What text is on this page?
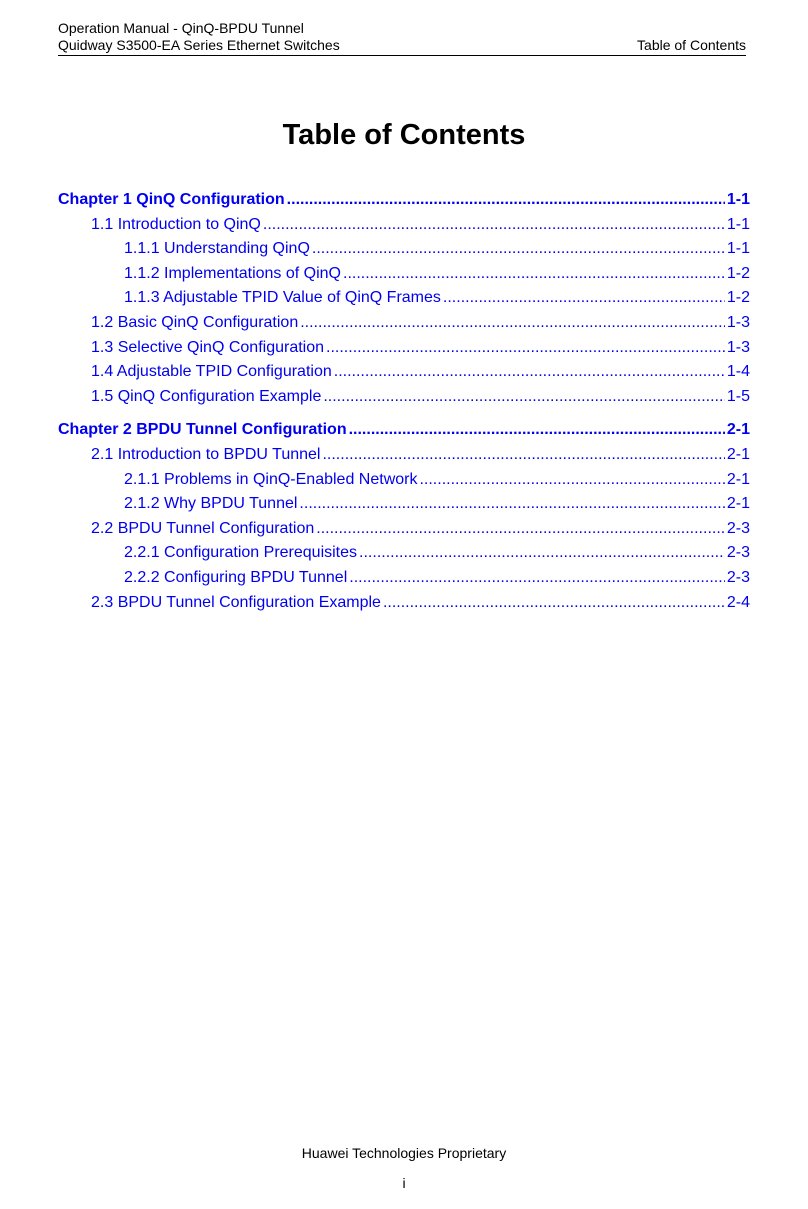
Operation Manual - QinQ-BPDU Tunnel
Quidway S3500-EA Series Ethernet Switches	Table of Contents
Table of Contents
Chapter 1 QinQ Configuration .....	1-1
1.1 Introduction to QinQ .....	1-1
1.1.1 Understanding QinQ .....	1-1
1.1.2 Implementations of QinQ .....	1-2
1.1.3 Adjustable TPID Value of QinQ Frames .....	1-2
1.2 Basic QinQ Configuration .....	1-3
1.3 Selective QinQ Configuration .....	1-3
1.4 Adjustable TPID Configuration .....	1-4
1.5 QinQ Configuration Example .....	1-5
Chapter 2 BPDU Tunnel Configuration .....	2-1
2.1 Introduction to BPDU Tunnel .....	2-1
2.1.1 Problems in QinQ-Enabled Network .....	2-1
2.1.2 Why BPDU Tunnel .....	2-1
2.2 BPDU Tunnel Configuration .....	2-3
2.2.1 Configuration Prerequisites .....	2-3
2.2.2 Configuring BPDU Tunnel .....	2-3
2.3 BPDU Tunnel Configuration Example .....	2-4
Huawei Technologies Proprietary
i
